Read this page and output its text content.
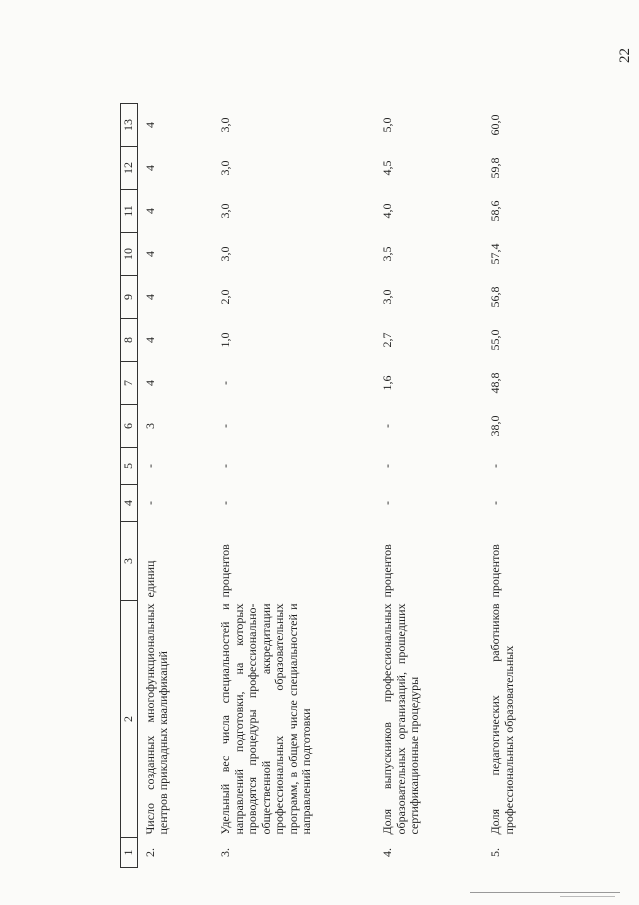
22
1	2	3	4	5	6	7	8	9	10	11	12	13
2.	Число созданных многофункциональных центров прикладных квалификаций	единиц	-	-	3	4	4	4	4	4	4	4
3.	Удельный вес числа специальностей и направлений подготовки, на которых проводятся процедуры профессионально-общественной аккредитации профессиональных образовательных программ, в общем числе специальностей и направлений подготовки	процентов	-	-	-	-	1,0	2,0	3,0	3,0	3,0	3,0
4.	Доля выпускников профессиональных образовательных организаций, прошедших сертификационные процедуры	процентов	-	-	-	1,6	2,7	3,0	3,5	4,0	4,5	5,0
5.	Доля педагогических работников профессиональных образовательных	процентов	-	-	38,0	48,8	55,0	56,8	57,4	58,6	59,8	60,0
